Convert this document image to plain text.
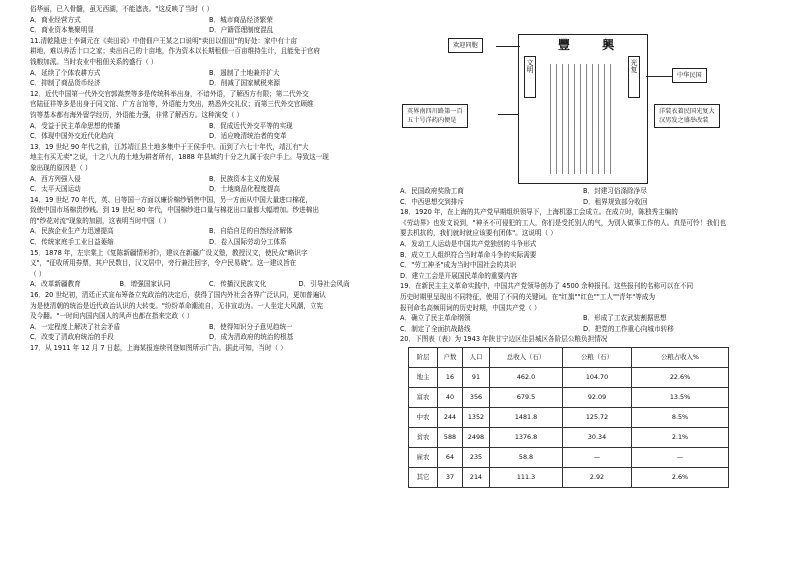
俗华丽，已入骨髓，虽无西湖，不能遮丧。"这反映了当时（ ）
A．商业经营方式	B．城市商品经济繁荣
C．商业资本集聚明显	D．户籍管理制度混乱
11.清乾隆进士李调元在《卖田说》中借佃户王某之口说明"卖田以佃田"的好处：家中有十亩
耕地，难以养活十口之家；卖出自己的十亩地，作为资本以长期租佃一百亩维持生计，且能免于官府
钱粮加派。当时农业中租佃关系的盛行（ ）
A．延续了个体农耕方式	B．遏制了土地兼并扩大
C．抑制了商品货币经济	D．削减了国家赋税来源
12．近代中国第一代外交官郭嵩焘等多是传统科举出身，不谙外语，了解西方有限；第二代外交
官陆征祥等多是出身于同文馆、广方言馆等，外语能力突出，熟悉外交礼仪；而第三代外交官顾维
钧等基本都有海外留学经历，外语能力强，非常了解西方。这种演变（ ）
A．受益于民主革命思想的传播	B．促成近代外交平等的实现
C．体现中国外交近代化趋向	D．适应晚清统治者的变革
13．19 世纪 90 年代之前，江苏靖江县土地多集中于王侯手中。而到了六七十年代，靖江有"大
地主有买无卖"之说，十之八九的土地为耕者所有，1888 年县域约十分之九属于农户手上。导致这一现
象出现的原因是（ ）
A．西方列强入侵	B．民族资本主义的发展
C．太平天国运动	D．土地商品化程度提高
14．19 世纪 70 年代，英、日等国一方面以廉价棉纱销售中国，另一方面从中国大量进口棉花，
致使中国市场棉贵纱贱。到 19 世纪 80 年代，中国棉纱进口量与棉花出口量都大幅增加。纱进棉出
的"纱花对流"现象的加剧，这表明当时中国（ ）
A．民族企业生产力迅速提高	B．自给自足的自然经济解体
C．传统家庭手工业日益萎缩	D．卷入国际劳动分工体系
15．1878 年，左宗棠上《复陈新疆情形折》，建议在新疆广设义塾，教授汉文，使民众"略识字
义"，"征收所用券票，其户民数目，汉文居中，旁行兼注回字，令户民易晓"。这一建议旨在
（ ）
A．改革新疆教育	B．增强国家认同	C．传播汉民族文化	D．引导社会风尚
16．20 世纪初，清廷正式宣布筹备立宪政治的决定后，获得了国内外社会各界广泛认同，更加普遍认
为是使清朝的统治是近代政治认识的大转变。"纷纷革命潮流自，无非宣动为。一人坐定大风潮，立宪
及今翻。"一时间内国内国人的风声也都在指来完政（ ）
A．一定程度上解决了社会矛盾	B．使得知识分子意见趋统一
C．改变了清政府统治的手段	D．成为清政府的统治的根基
17．从 1911 年 12 月 7 日起，上海某报连续刊登如图所示广告。据此可知，当时（ ）
豐 興
文明	光复
欢迎同胞
中华民国
英界南四川路第一百
五十号洋药内便是
洋装衣着民国光复大
汉男发之盛举改装
A．民国政府奖励工商	B．封建习俗涤除净尽
C．中西思想交到排斥	D．租界规致部分收回
18．1920 年，在上海的共产党早期组织领导下，上海机器工会成立。在成立时，陈独秀主编的
《劳动界》也发文说到，"神圣不可侵犯的工人，你们是受托别人的气，为别人做事工作的人。真是可怜！我们也
要去机抗的，我们就时就应该要有团体"。这说明（ ）
A．发动工人运动是中国共产党独创的斗争形式
B．成立工人组织符合当时革命斗争的实际需要
C．"劳工神圣"成为当时中国社会的共识
D．建立工会是开展国民革命的重要内容
19．在新民主主义革命实践中，中国共产党领导创办了 4500 余种报刊。这些报刊的名称可以在不同
历史时期里呈现出不同特征，使用了不同的关键词。在"红旗""红色""工人""青年"等成为
报刊命名高频用词的历史时期，中国共产党（ ）
A．确立了民主革命纲领	B．形成了工农武装割据思想
C．制定了全面抗战路线	D．把党的工作重心向城市转移
20．下图表（表）为 1943 年陕甘宁边区佳县城区各阶层公粮负担情况
阶层	户数	人口	总收入（石）	公粮（石）	公粮占收入%
地主	16	91	462.0	104.70	22.6%
富农	40	356	679.5	92.09	13.5%
中农	244	1352	1481.8	125.72	8.5%
贫农	588	2498	1376.8	30.34	2.1%
雇农	64	235	58.8	—	—
其它	37	214	111.3	2.92	2.6%
